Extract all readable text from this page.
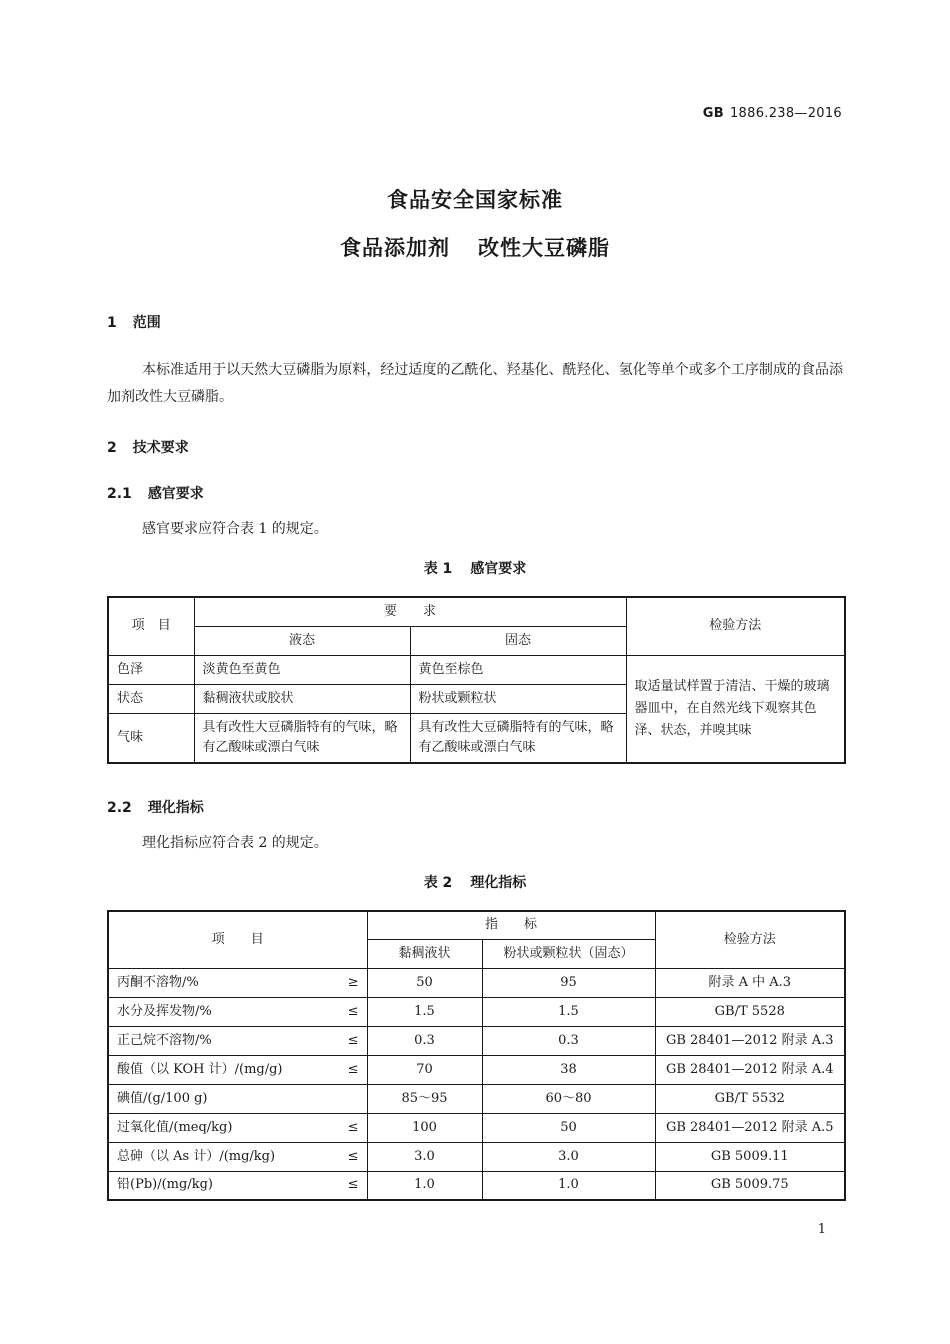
GB 1886.238—2016
食品安全国家标准
食品添加剂 改性大豆磷脂
1 范围
本标准适用于以天然大豆磷脂为原料，经过适度的乙酰化、羟基化、酰羟化、氢化等单个或多个工序制成的食品添加剂改性大豆磷脂。
2 技术要求
2.1 感官要求
感官要求应符合表 1 的规定。
表 1 感官要求
项　目	要　　求		检验方法
	液态	固态	
色泽	淡黄色至黄色	黄色至棕色	取适量试样置于清洁、干燥的玻璃器皿中，在自然光线下观察其色泽、状态，并嗅其味
状态	黏稠液状或胶状	粉状或颗粒状	
气味	具有改性大豆磷脂特有的气味，略有乙酸味或漂白气味	具有改性大豆磷脂特有的气味，略有乙酸味或漂白气味	
2.2 理化指标
理化指标应符合表 2 的规定。
表 2 理化指标
项　　目	指　　标		检验方法
	黏稠液状	粉状或颗粒状（固态）	

丙酮不溶物/% ≥	50	95	附录 A 中 A.3

水分及挥发物/% ≤	1.5	1.5	GB/T 5528

正己烷不溶物/% ≤	0.3	0.3	GB 28401—2012 附录 A.3

酸值（以 KOH 计）/(mg/g) ≤	70	38	GB 28401—2012 附录 A.4

碘值/(g/100 g)	85～95	60～80	GB/T 5532

过氧化值/(meq/kg) ≤	100	50	GB 28401—2012 附录 A.5

总砷（以 As 计）/(mg/kg) ≤	3.0	3.0	GB 5009.11

铅(Pb)/(mg/kg) ≤	1.0	1.0	GB 5009.75
1
